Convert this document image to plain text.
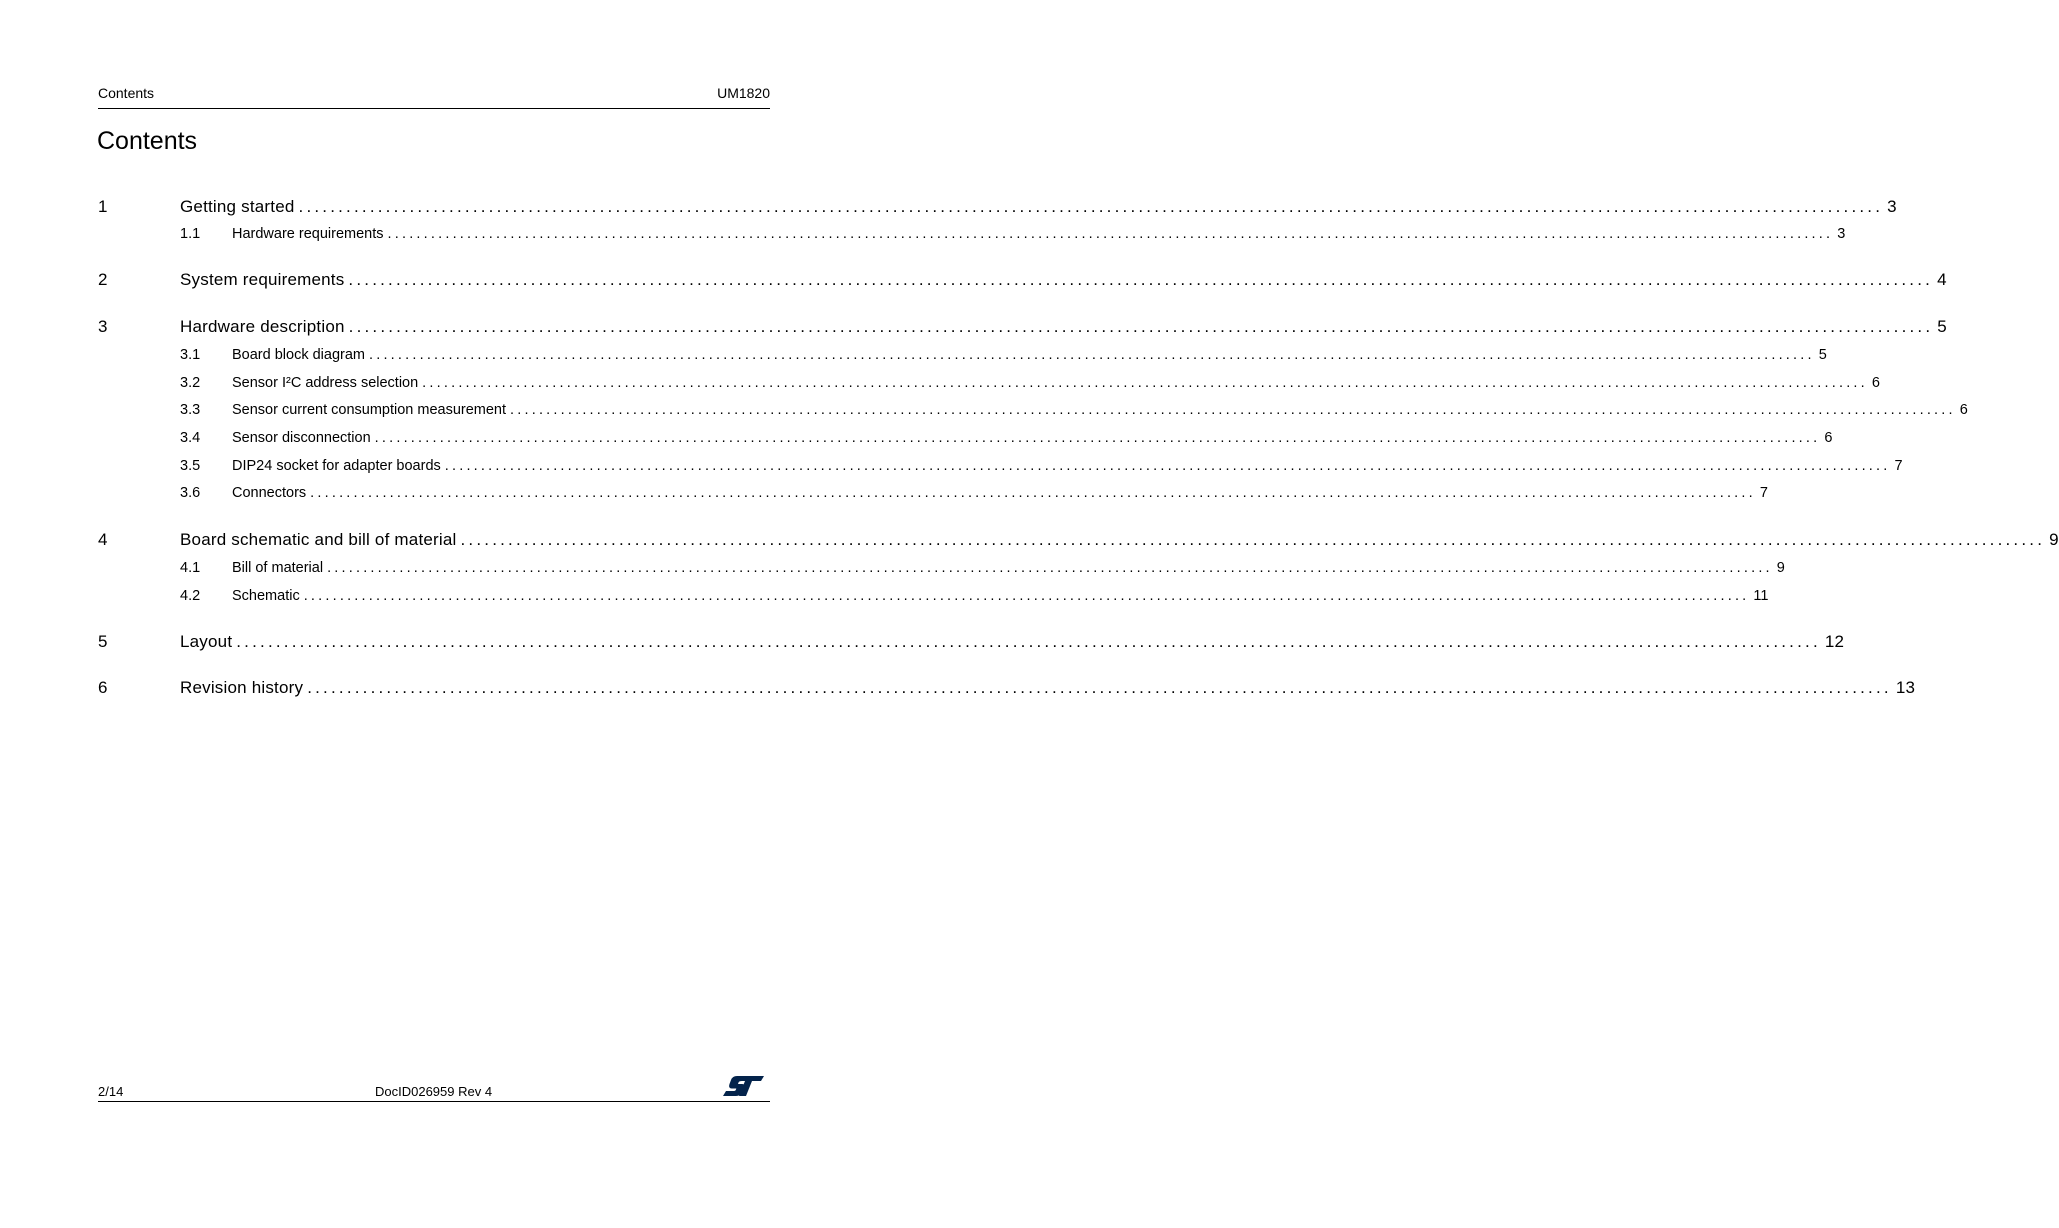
Contents	UM1820
Contents
1	Getting started ........................................................................................................................................................................................................ 3
1.1 Hardware requirements ........................................................................................................................................................................................................ 3
2	System requirements ........................................................................................................................................................................................................ 4
3	Hardware description ........................................................................................................................................................................................................ 5
3.1 Board block diagram ........................................................................................................................................................................................................ 5
3.2 Sensor I²C address selection ........................................................................................................................................................................................................ 6
3.3 Sensor current consumption measurement ........................................................................................................................................................................................................ 6
3.4 Sensor disconnection ........................................................................................................................................................................................................ 6
3.5 DIP24 socket for adapter boards ........................................................................................................................................................................................................ 7
3.6 Connectors ........................................................................................................................................................................................................ 7
4	Board schematic and bill of material ........................................................................................................................................................................................................ 9
4.1 Bill of material ........................................................................................................................................................................................................ 9
4.2 Schematic ........................................................................................................................................................................................................ 11
5	Layout ........................................................................................................................................................................................................ 12
6	Revision history ........................................................................................................................................................................................................ 13
2/14	DocID026959 Rev 4
